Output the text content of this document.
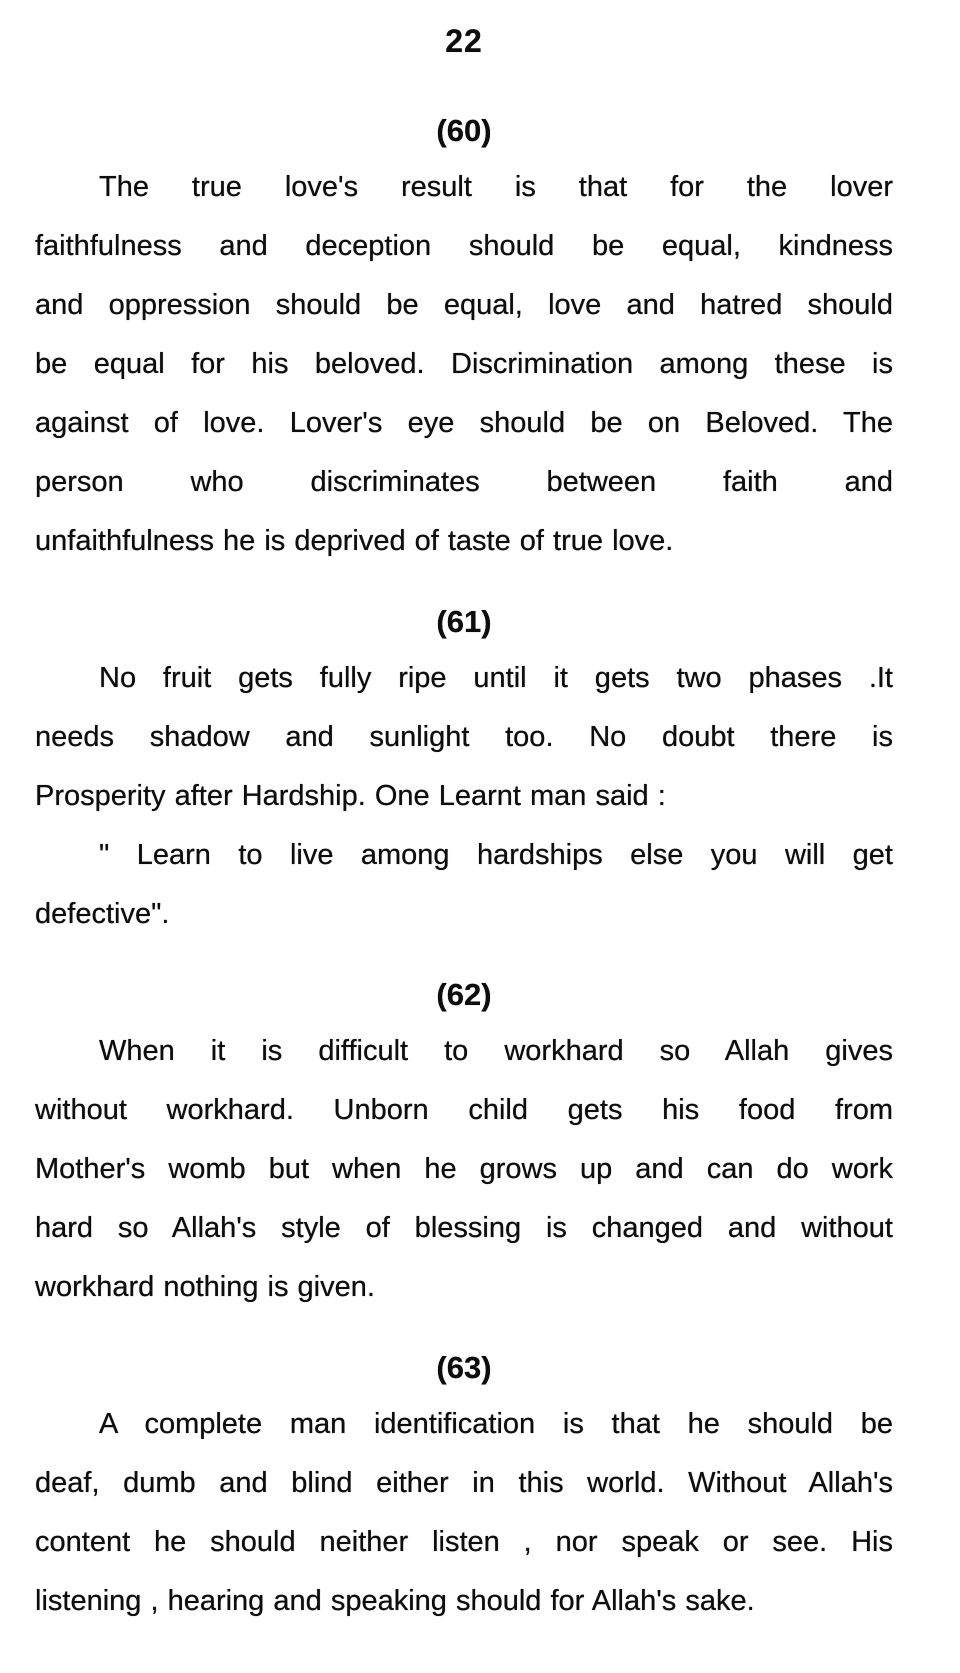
22
(60)
The true love's result is that for the lover
faithfulness and deception should be equal, kindness
and oppression should be equal, love and hatred should
be equal for his beloved. Discrimination among these is
against of love. Lover's eye should be on Beloved. The
person who discriminates between faith and
unfaithfulness he is deprived of taste of true love.
(61)
No fruit gets fully ripe until it gets two phases .It
needs shadow and sunlight too. No doubt there is
Prosperity after Hardship. One Learnt man said :
" Learn to live among hardships else you will get
defective".
(62)
When it is difficult to workhard so Allah gives
without workhard. Unborn child gets his food from
Mother's womb but when he grows up and can do work
hard so Allah's style of blessing is changed and without
workhard nothing is given.
(63)
A complete man identification is that he should be
deaf, dumb and blind either in this world. Without Allah's
content he should neither listen , nor speak or see. His
listening , hearing and speaking should for Allah's sake.
